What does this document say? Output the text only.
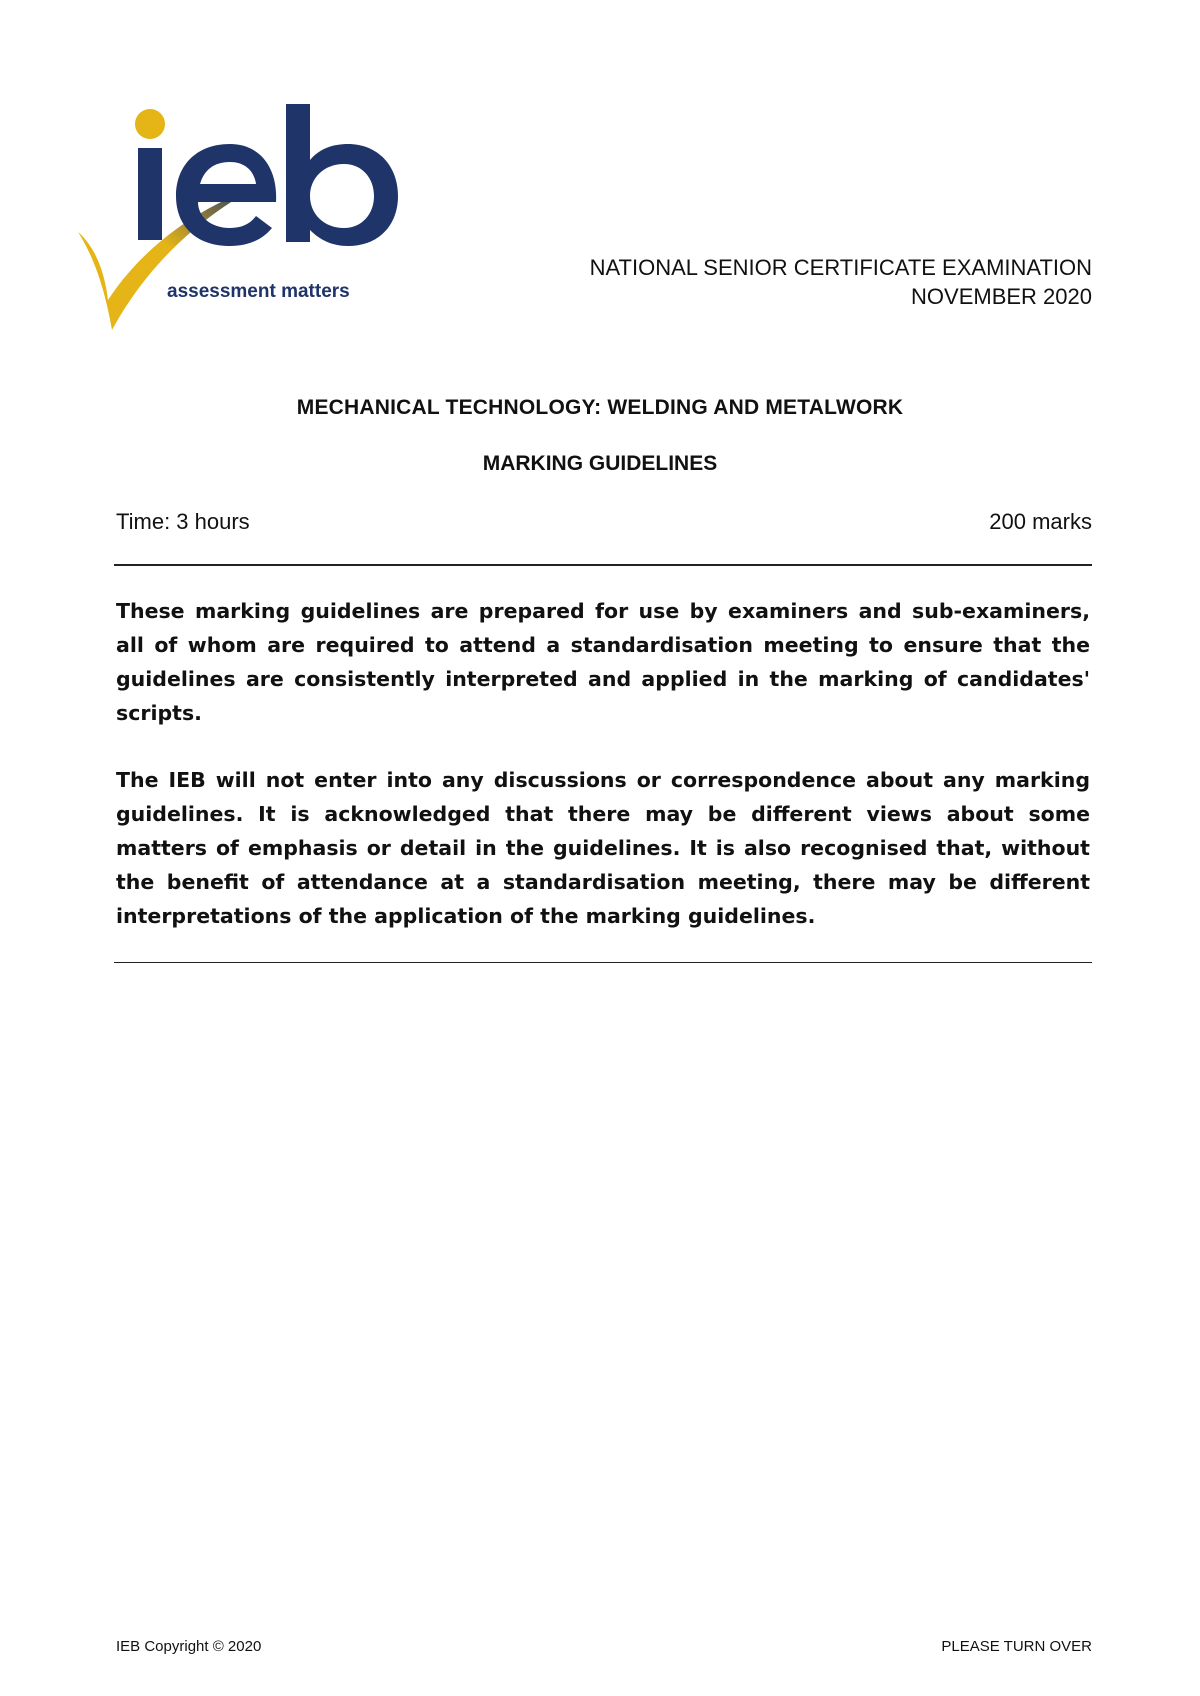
assessment matters
NATIONAL SENIOR CERTIFICATE EXAMINATION
NOVEMBER 2020
MECHANICAL TECHNOLOGY: WELDING AND METALWORK
MARKING GUIDELINES
Time: 3 hours	200 marks

These marking guidelines are prepared for use by examiners and sub-examiners, all of whom are required to attend a standardisation meeting to ensure that the guidelines are consistently interpreted and applied in the marking of candidates' scripts.

The IEB will not enter into any discussions or correspondence about any marking guidelines. It is acknowledged that there may be different views about some matters of emphasis or detail in the guidelines. It is also recognised that, without the benefit of attendance at a standardisation meeting, there may be different interpretations of the application of the marking guidelines.

IEB Copyright © 2020	PLEASE TURN OVER
